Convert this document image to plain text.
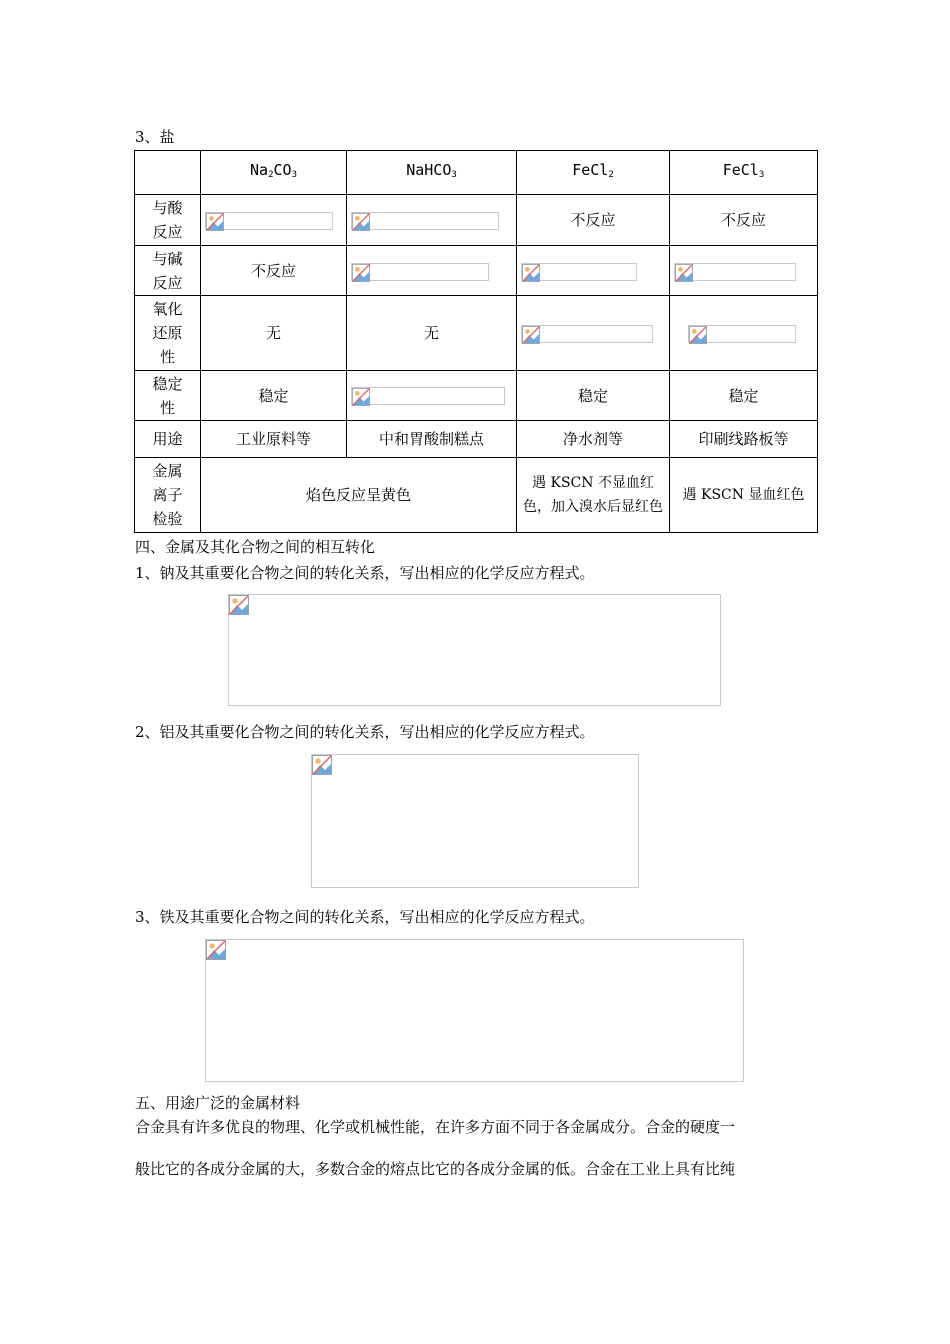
3、盐
	$Na_2CO_3$	NaHCO$_3$	FeCl$_2$	FeCl$_3$
与酸
反应			不反应	不反应
与碱
反应	不反应	

氧化
还原
性	无	无	

稳定
性	稳定		稳定	稳定
用途	工业原料等	中和胃酸制糕点	净水剂等	印刷线路板等
金属
离子
检验	焰色反应呈黄色		遇 KSCN 不显血红色，加入溴水后显红色	遇 KSCN 显血红色
四、金属及其化合物之间的相互转化
1、钠及其重要化合物之间的转化关系，写出相应的化学反应方程式。
2、铝及其重要化合物之间的转化关系，写出相应的化学反应方程式。
3、铁及其重要化合物之间的转化关系，写出相应的化学反应方程式。
五、用途广泛的金属材料
合金具有许多优良的物理、化学或机械性能，在许多方面不同于各金属成分。合金的硬度一
般比它的各成分金属的大，多数合金的熔点比它的各成分金属的低。合金在工业上具有比纯
